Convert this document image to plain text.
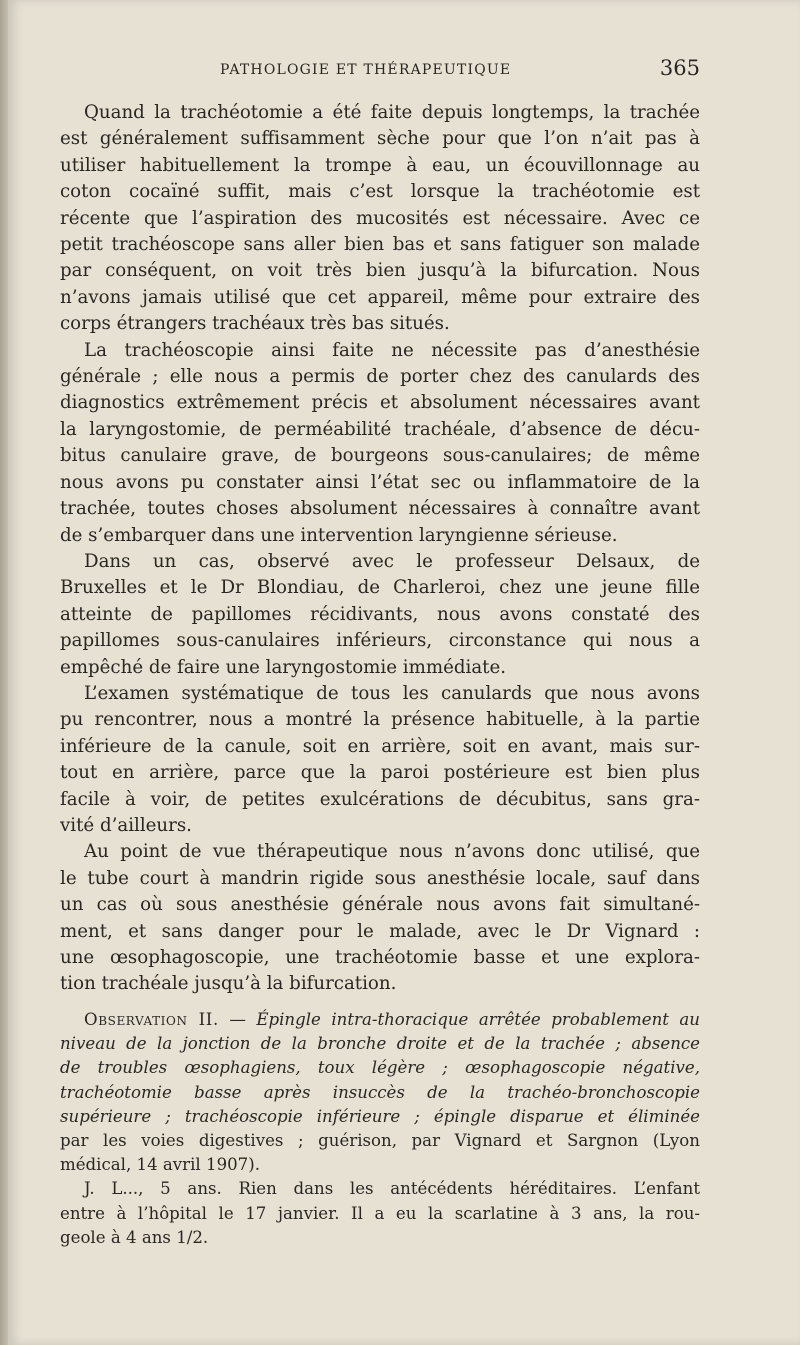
PATHOLOGIE ET THÉRAPEUTIQUE	365
Quand la trachéotomie a été faite depuis longtemps, la trachée
est généralement suffisamment sèche pour que l’on n’ait pas à
utiliser habituellement la trompe à eau, un écouvillonnage au
coton cocaïné suffit, mais c’est lorsque la trachéotomie est
récente que l’aspiration des mucosités est nécessaire. Avec ce
petit trachéoscope sans aller bien bas et sans fatiguer son malade
par conséquent, on voit très bien jusqu’à la bifurcation. Nous
n’avons jamais utilisé que cet appareil, même pour extraire des
corps étrangers trachéaux très bas situés.
La trachéoscopie ainsi faite ne nécessite pas d’anesthésie
générale ; elle nous a permis de porter chez des canulards des
diagnostics extrêmement précis et absolument nécessaires avant
la laryngostomie, de perméabilité trachéale, d’absence de décu-
bitus canulaire grave, de bourgeons sous-canulaires; de même
nous avons pu constater ainsi l’état sec ou inflammatoire de la
trachée, toutes choses absolument nécessaires à connaître avant
de s’embarquer dans une intervention laryngienne sérieuse.
Dans un cas, observé avec le professeur Delsaux, de
Bruxelles et le Dr Blondiau, de Charleroi, chez une jeune fille
atteinte de papillomes récidivants, nous avons constaté des
papillomes sous-canulaires inférieurs, circonstance qui nous a
empêché de faire une laryngostomie immédiate.
L’examen systématique de tous les canulards que nous avons
pu rencontrer, nous a montré la présence habituelle, à la partie
inférieure de la canule, soit en arrière, soit en avant, mais sur-
tout en arrière, parce que la paroi postérieure est bien plus
facile à voir, de petites exulcérations de décubitus, sans gra-
vité d’ailleurs.
Au point de vue thérapeutique nous n’avons donc utilisé, que
le tube court à mandrin rigide sous anesthésie locale, sauf dans
un cas où sous anesthésie générale nous avons fait simultané-
ment, et sans danger pour le malade, avec le Dr Vignard :
une œsophagoscopie, une trachéotomie basse et une explora-
tion trachéale jusqu’à la bifurcation.
Observation II. — Épingle intra-thoracique arrêtée probablement au
niveau de la jonction de la bronche droite et de la trachée ; absence
de troubles œsophagiens, toux légère ; œsophagoscopie négative,
trachéotomie basse après insuccès de la trachéo-bronchoscopie
supérieure ; trachéoscopie inférieure ; épingle disparue et éliminée
par les voies digestives ; guérison, par Vignard et Sargnon (Lyon
médical, 14 avril 1907).
J. L..., 5 ans. Rien dans les antécédents héréditaires. L’enfant
entre à l’hôpital le 17 janvier. Il a eu la scarlatine à 3 ans, la rou-
geole à 4 ans 1/2.
